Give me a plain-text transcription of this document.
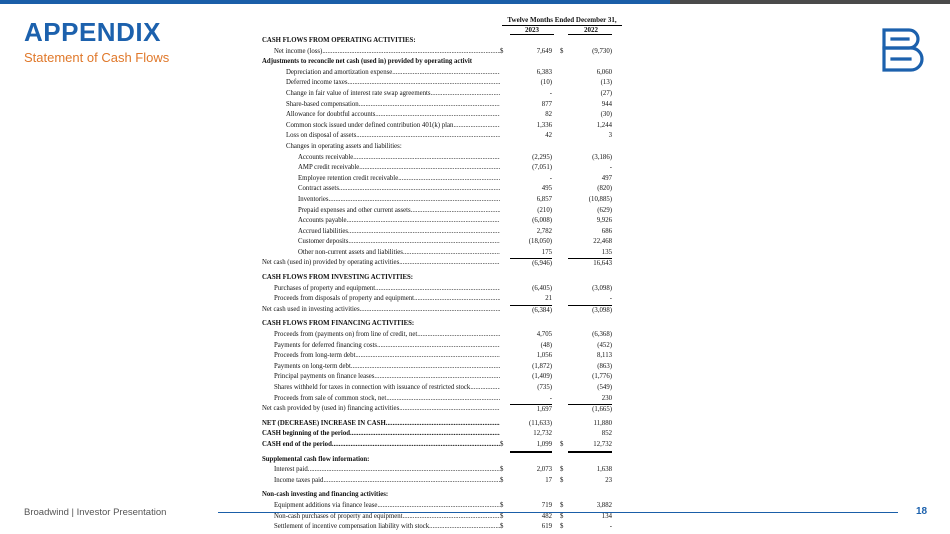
APPENDIX
Statement of Cash Flows
Twelve Months Ended December 31,
2023	2022
CASH FLOWS FROM OPERATING ACTIVITIES:
Net income (loss) .....	$	7,649 $	(9,730)
Adjustments to reconcile net cash (used in) provided by operating activit
Depreciation and amortization expense .....	6,383	6,060
Deferred income taxes .....	(10)	(13)
Change in fair value of interest rate swap agreements .....	-	(27)
Share-based compensation .....	877	944
Allowance for doubtful accounts .....	82	(30)
Common stock issued under defined contribution 401(k) plan .....	1,336	1,244
Loss on disposal of assets .....	42	3
Changes in operating assets and liabilities:
Accounts receivable .....	(2,295)	(3,186)
AMP credit receivable .....	(7,051)	-
Employee retention credit receivable .....	-	497
Contract assets .....	495	(820)
Inventories .....	6,857	(10,885)
Prepaid expenses and other current assets .....	(210)	(629)
Accounts payable .....	(6,008)	9,926
Accrued liabilities .....	2,782	686
Customer deposits .....	(18,050)	22,468
Other non-current assets and liabilities .....	175	135
Net cash (used in) provided by operating activities .....	(6,946)	16,643
CASH FLOWS FROM INVESTING ACTIVITIES:
Purchases of property and equipment .....	(6,405)	(3,098)
Proceeds from disposals of property and equipment .....	21	-
Net cash used in investing activities .....	(6,384)	(3,098)
CASH FLOWS FROM FINANCING ACTIVITIES:
Proceeds from (payments on) from line of credit, net .....	4,705	(6,368)
Payments for deferred financing costs .....	(48)	(452)
Proceeds from long-term debt .....	1,056	8,113
Payments on long-term debt .....	(1,872)	(863)
Principal payments on finance leases .....	(1,409)	(1,776)
Shares withheld for taxes in connection with issuance of restricted stock .....	(735)	(549)
Proceeds from sale of common stock, net .....	-	230
Net cash provided by (used in) financing activities .....	1,697	(1,665)
NET (DECREASE) INCREASE IN CASH .....	(11,633)	11,880
CASH beginning of the period .....	12,732	852
CASH end of the period .....	$	1,099 $	12,732
Supplemental cash flow information:
Interest paid .....	$	2,073 $	1,638
Income taxes paid .....	$	17 $	23
Non-cash investing and financing activities:
Equipment additions via finance lease .....	$	719 $	3,882
Non-cash purchases of property and equipment .....	$	482 $	134
Settlement of incentive compensation liability with stock .....	$	619 $	-
Broadwind | Investor Presentation	18
